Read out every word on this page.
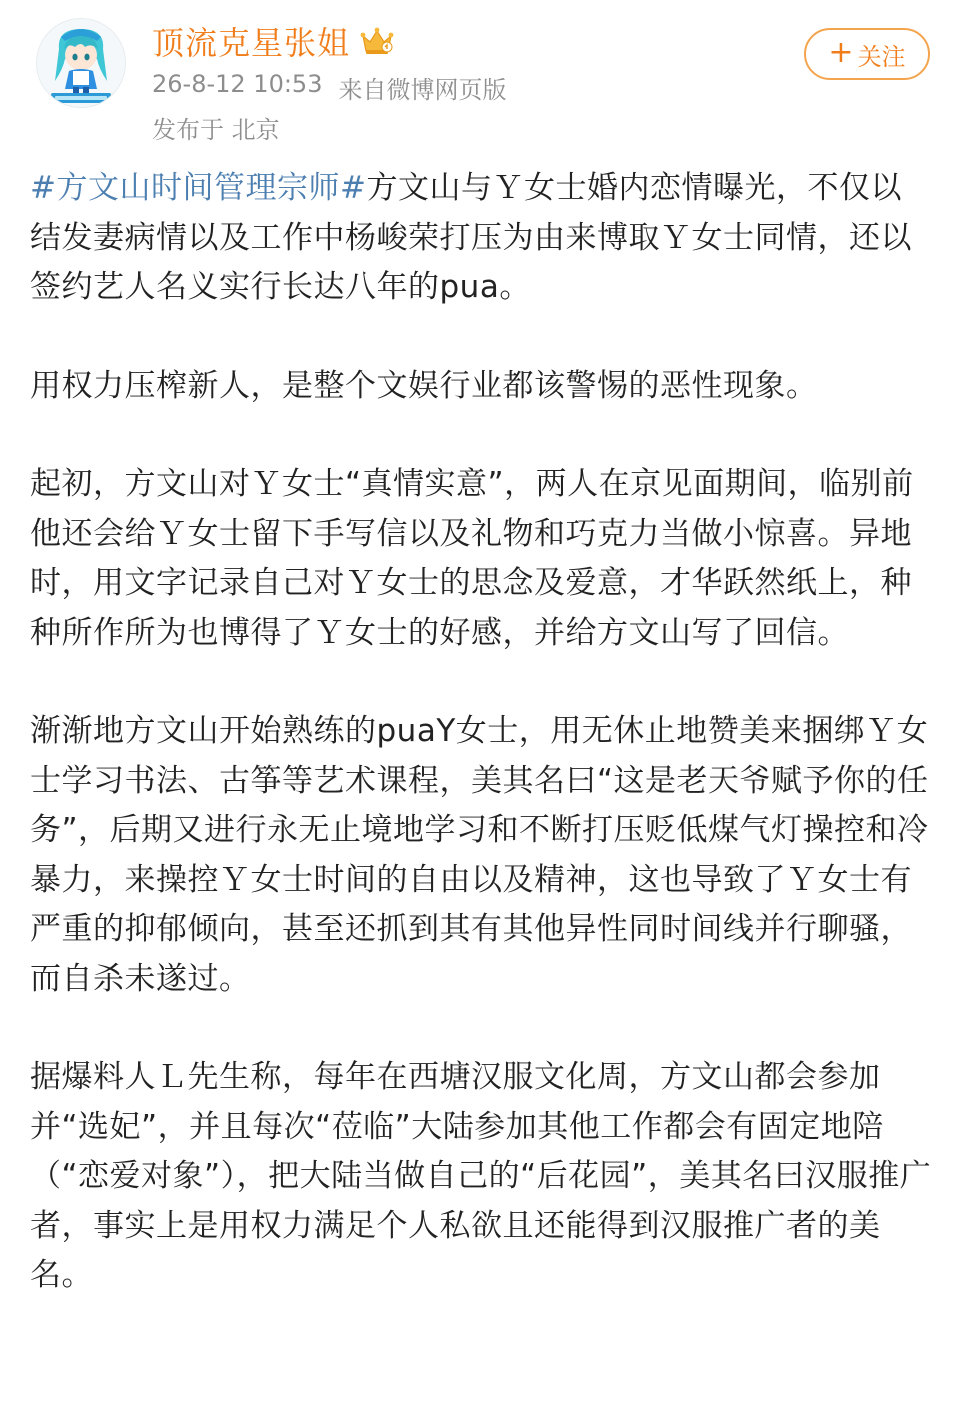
顶流克星张姐
26-8-12 10:53 来自微博网页版
发布于 北京
+ 关注

#方文山时间管理宗师#方文山与Ｙ女士婚内恋情曝光，不仅以结发妻病情以及工作中杨峻荣打压为由来博取Ｙ女士同情，还以签约艺人名义实行长达八年的pua。

用权力压榨新人，是整个文娱行业都该警惕的恶性现象。

起初，方文山对Ｙ女士“真情实意”，两人在京见面期间，临别前他还会给Ｙ女士留下手写信以及礼物和巧克力当做小惊喜。异地时，用文字记录自己对Ｙ女士的思念及爱意，才华跃然纸上，种种所作所为也博得了Ｙ女士的好感，并给方文山写了回信。

渐渐地方文山开始熟练的puaY女士，用无休止地赞美来捆绑Ｙ女士学习书法、古筝等艺术课程，美其名曰“这是老天爷赋予你的任务”，后期又进行永无止境地学习和不断打压贬低煤气灯操控和冷暴力，来操控Ｙ女士时间的自由以及精神，这也导致了Ｙ女士有严重的抑郁倾向，甚至还抓到其有其他异性同时间线并行聊骚，而自杀未遂过。

据爆料人Ｌ先生称，每年在西塘汉服文化周，方文山都会参加并“选妃”，并且每次“莅临”大陆参加其他工作都会有固定地陪（“恋爱对象”），把大陆当做自己的“后花园”，美其名曰汉服推广者，事实上是用权力满足个人私欲且还能得到汉服推广者的美名。
